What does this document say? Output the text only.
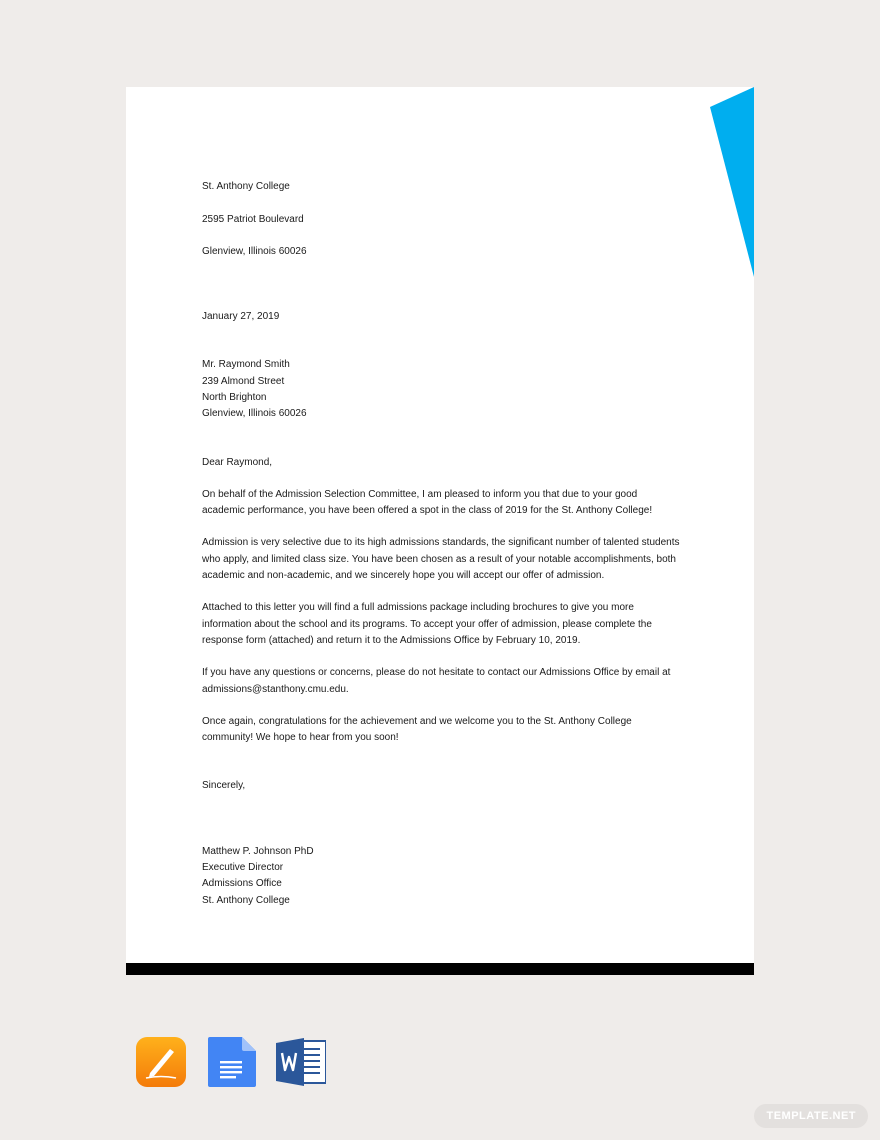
St. Anthony College

2595 Patriot Boulevard

Glenview, Illinois 60026

January 27, 2019
Mr. Raymond Smith
239 Almond Street
North Brighton
Glenview, Illinois 60026
Dear Raymond,
On behalf of the Admission Selection Committee, I am pleased to inform you that due to your good academic performance, you have been offered a spot in the class of 2019 for the St. Anthony College!
Admission is very selective due to its high admissions standards, the significant number of talented students who apply, and limited class size. You have been chosen as a result of your notable accomplishments, both academic and non-academic, and we sincerely hope you will accept our offer of admission.
Attached to this letter you will find a full admissions package including brochures to give you more information about the school and its programs. To accept your offer of admission, please complete the response form (attached) and return it to the Admissions Office by February 10, 2019.
If you have any questions or concerns, please do not hesitate to contact our Admissions Office by email at admissions@stanthony.cmu.edu.
Once again, congratulations for the achievement and we welcome you to the St. Anthony College community! We hope to hear from you soon!
Sincerely,
Matthew P. Johnson PhD
Executive Director
Admissions Office
St. Anthony College
TEMPLATE.NET
